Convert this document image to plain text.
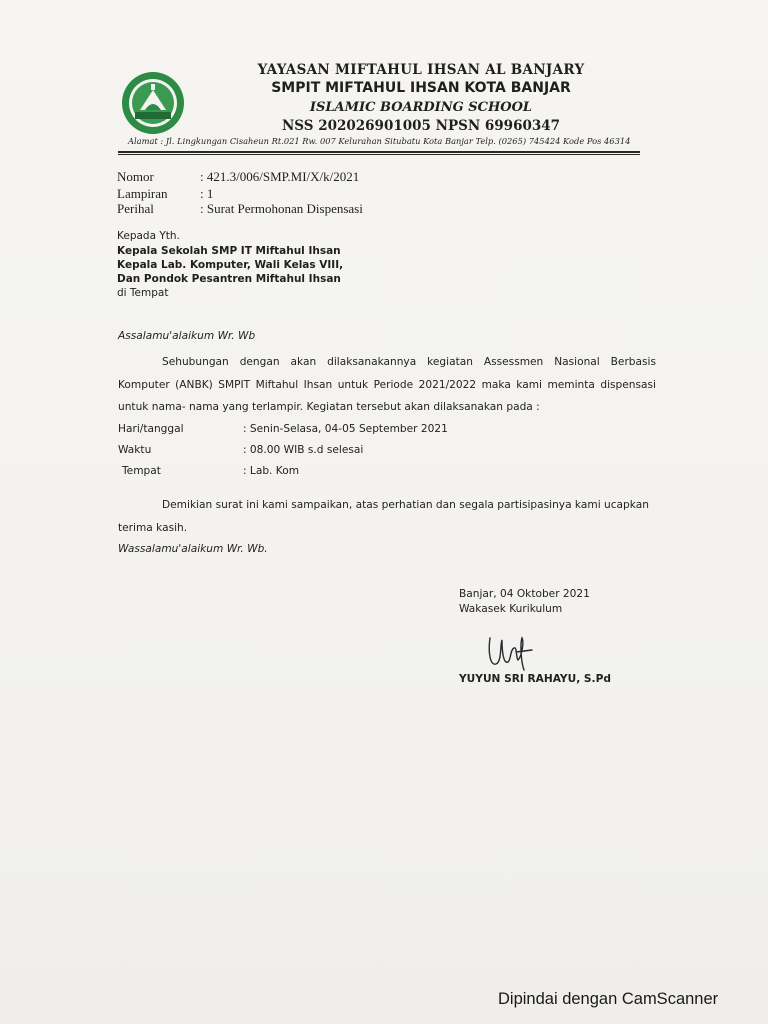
YAYASAN MIFTAHUL IHSAN AL BANJARY
SMPIT MIFTAHUL IHSAN KOTA BANJAR
ISLAMIC BOARDING SCHOOL
NSS 202026901005 NPSN 69960347
Alamat : Jl. Lingkungan Cisaheun Rt.021 Rw. 007 Kelurahan Situbatu Kota Banjar Telp. (0265) 745424 Kode Pos 46314
Nomor	: 421.3/006/SMP.MI/X/k/2021
Lampiran : 1
Perihal	: Surat Permohonan Dispensasi
Kepada Yth.
Kepala Sekolah SMP IT Miftahul Ihsan
Kepala Lab. Komputer, Wali Kelas VIII,
Dan Pondok Pesantren Miftahul Ihsan
di Tempat
Assalamu'alaikum Wr. Wb
Sehubungan dengan akan dilaksanakannya kegiatan Assessmen Nasional Berbasis
Komputer (ANBK) SMPIT Miftahul Ihsan untuk Periode 2021/2022 maka kami meminta dispensasi
untuk nama- nama yang terlampir. Kegiatan tersebut akan dilaksanakan pada :
Hari/tanggal	: Senin-Selasa, 04-05 September 2021
Waktu	: 08.00 WIB s.d selesai
Tempat	: Lab. Kom
Demikian surat ini kami sampaikan, atas perhatian dan segala partisipasinya kami ucapkan
terima kasih.
Wassalamu'alaikum Wr. Wb.
Banjar, 04 Oktober 2021
Wakasek Kurikulum
YUYUN SRI RAHAYU, S.Pd
Dipindai dengan CamScanner
